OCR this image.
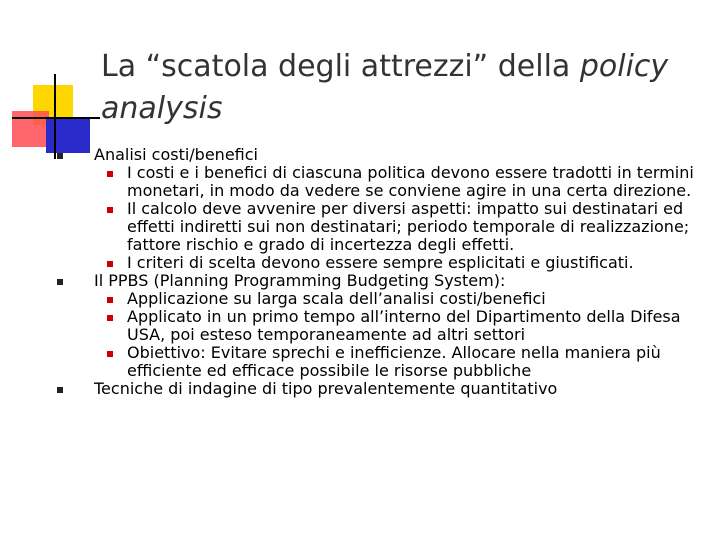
La “scatola degli attrezzi” della policy
analysis
Analisi costi/benefici
I costi e i benefici di ciascuna politica devono essere tradotti in termini monetari, in modo da vedere se conviene agire in una certa direzione.
Il calcolo deve avvenire per diversi aspetti: impatto sui destinatari ed effetti indiretti sui non destinatari; periodo temporale di realizzazione; fattore rischio e grado di incertezza degli effetti.
I criteri di scelta devono essere sempre esplicitati e giustificati.
Il PPBS (Planning Programming Budgeting System):
Applicazione su larga scala dell’analisi costi/benefici
Applicato in un primo tempo all’interno del Dipartimento della Difesa USA, poi esteso temporaneamente ad altri settori
Obiettivo: Evitare sprechi e inefficienze. Allocare nella maniera più efficiente ed efficace possibile le risorse pubbliche
Tecniche di indagine di tipo prevalentemente quantitativo
